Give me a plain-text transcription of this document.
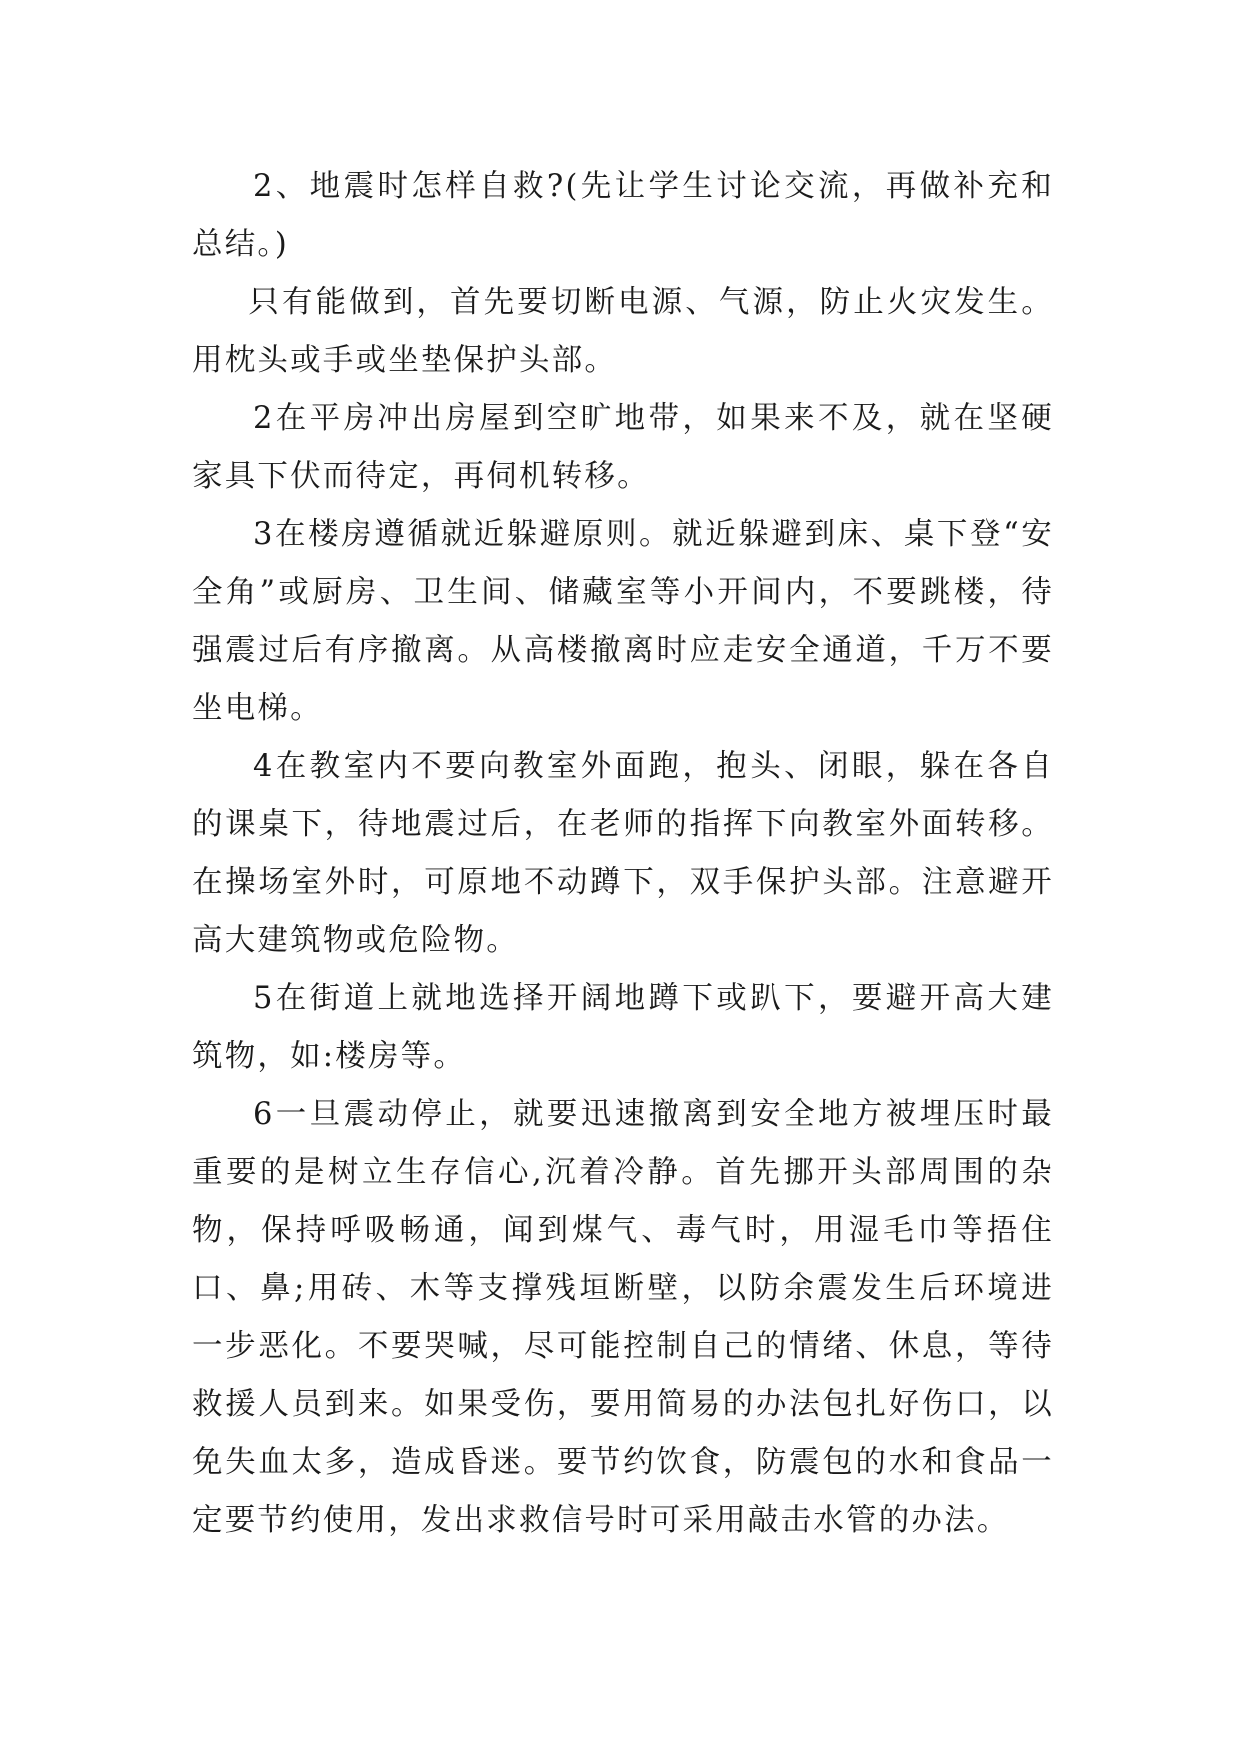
2、地震时怎样自救?(先让学生讨论交流，再做补充和总结。)

只有能做到，首先要切断电源、气源，防止火灾发生。用枕头或手或坐垫保护头部。

2在平房冲出房屋到空旷地带，如果来不及，就在坚硬家具下伏而待定，再伺机转移。

3在楼房遵循就近躲避原则。就近躲避到床、桌下登“安全角”或厨房、卫生间、储藏室等小开间内，不要跳楼，待强震过后有序撤离。从高楼撤离时应走安全通道，千万不要坐电梯。

4在教室内不要向教室外面跑，抱头、闭眼，躲在各自的课桌下，待地震过后，在老师的指挥下向教室外面转移。在操场室外时，可原地不动蹲下，双手保护头部。注意避开高大建筑物或危险物。

5在街道上就地选择开阔地蹲下或趴下，要避开高大建筑物，如:楼房等。

6一旦震动停止，就要迅速撤离到安全地方被埋压时最重要的是树立生存信心,沉着冷静。首先挪开头部周围的杂物，保持呼吸畅通，闻到煤气、毒气时，用湿毛巾等捂住口、鼻;用砖、木等支撑残垣断壁，以防余震发生后环境进一步恶化。不要哭喊，尽可能控制自己的情绪、休息，等待救援人员到来。如果受伤，要用简易的办法包扎好伤口，以免失血太多，造成昏迷。要节约饮食，防震包的水和食品一定要节约使用，发出求救信号时可采用敲击水管的办法。
